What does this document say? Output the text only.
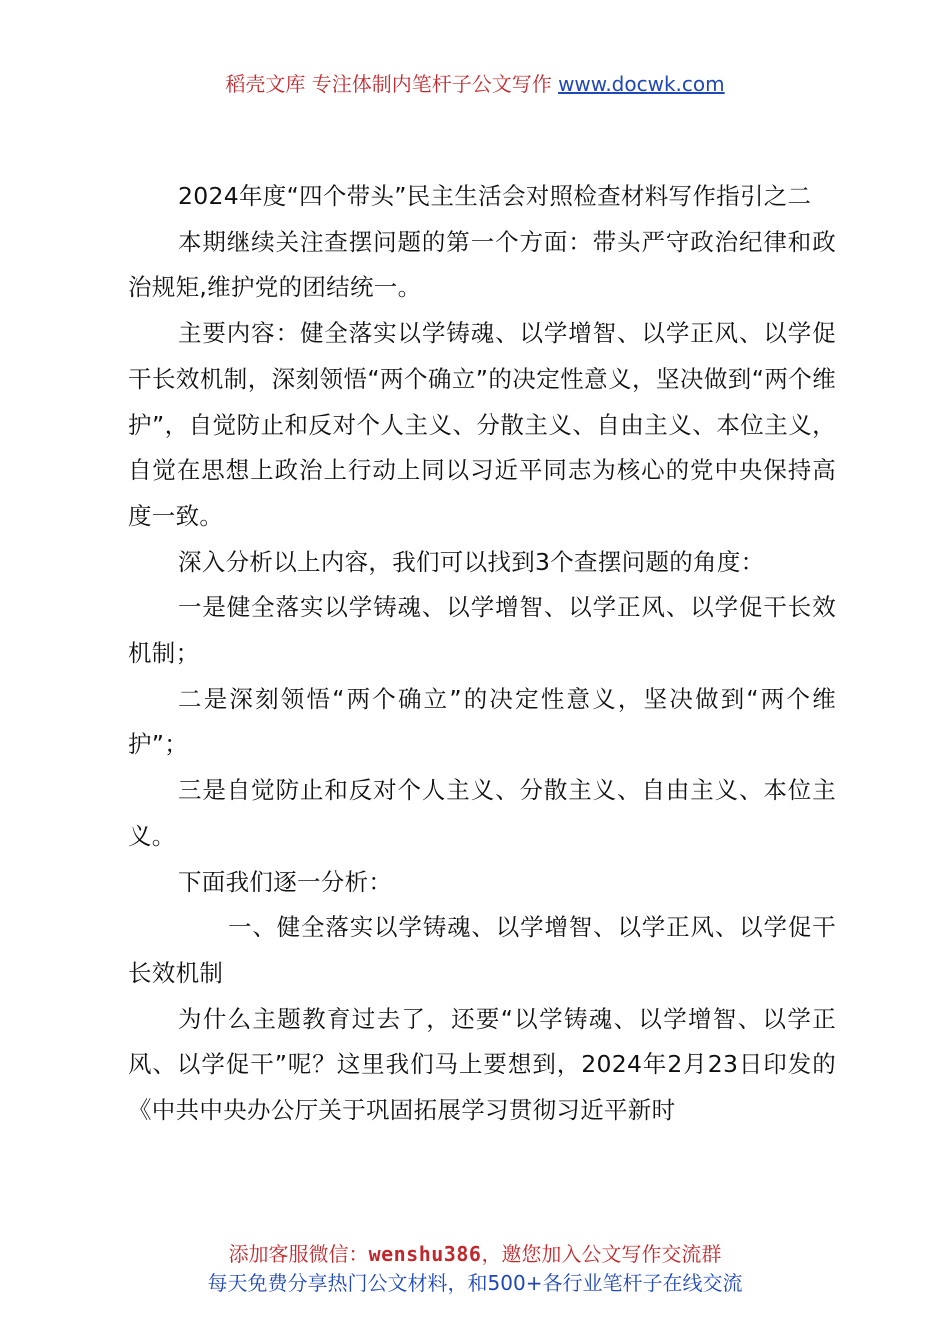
稻壳文库 专注体制内笔杆子公文写作 www.docwk.com

2024年度“四个带头”民主生活会对照检查材料写作指引之二

本期继续关注查摆问题的第一个方面：带头严守政治纪律和政治规矩,维护党的团结统一。

主要内容：健全落实以学铸魂、以学增智、以学正风、以学促干长效机制，深刻领悟“两个确立”的决定性意义，坚决做到“两个维护”，自觉防止和反对个人主义、分散主义、自由主义、本位主义，自觉在思想上政治上行动上同以习近平同志为核心的党中央保持高度一致。

深入分析以上内容，我们可以找到3个查摆问题的角度：

一是健全落实以学铸魂、以学增智、以学正风、以学促干长效机制；

二是深刻领悟“两个确立”的决定性意义，坚决做到“两个维护”；

三是自觉防止和反对个人主义、分散主义、自由主义、本位主义。

下面我们逐一分析：

一、健全落实以学铸魂、以学增智、以学正风、以学促干长效机制

为什么主题教育过去了，还要“以学铸魂、以学增智、以学正风、以学促干”呢？这里我们马上要想到，2024年2月23日印发的《中共中央办公厅关于巩固拓展学习贯彻习近平新时

添加客服微信：wenshu386，邀您加入公文写作交流群
每天免费分享热门公文材料，和500+各行业笔杆子在线交流
